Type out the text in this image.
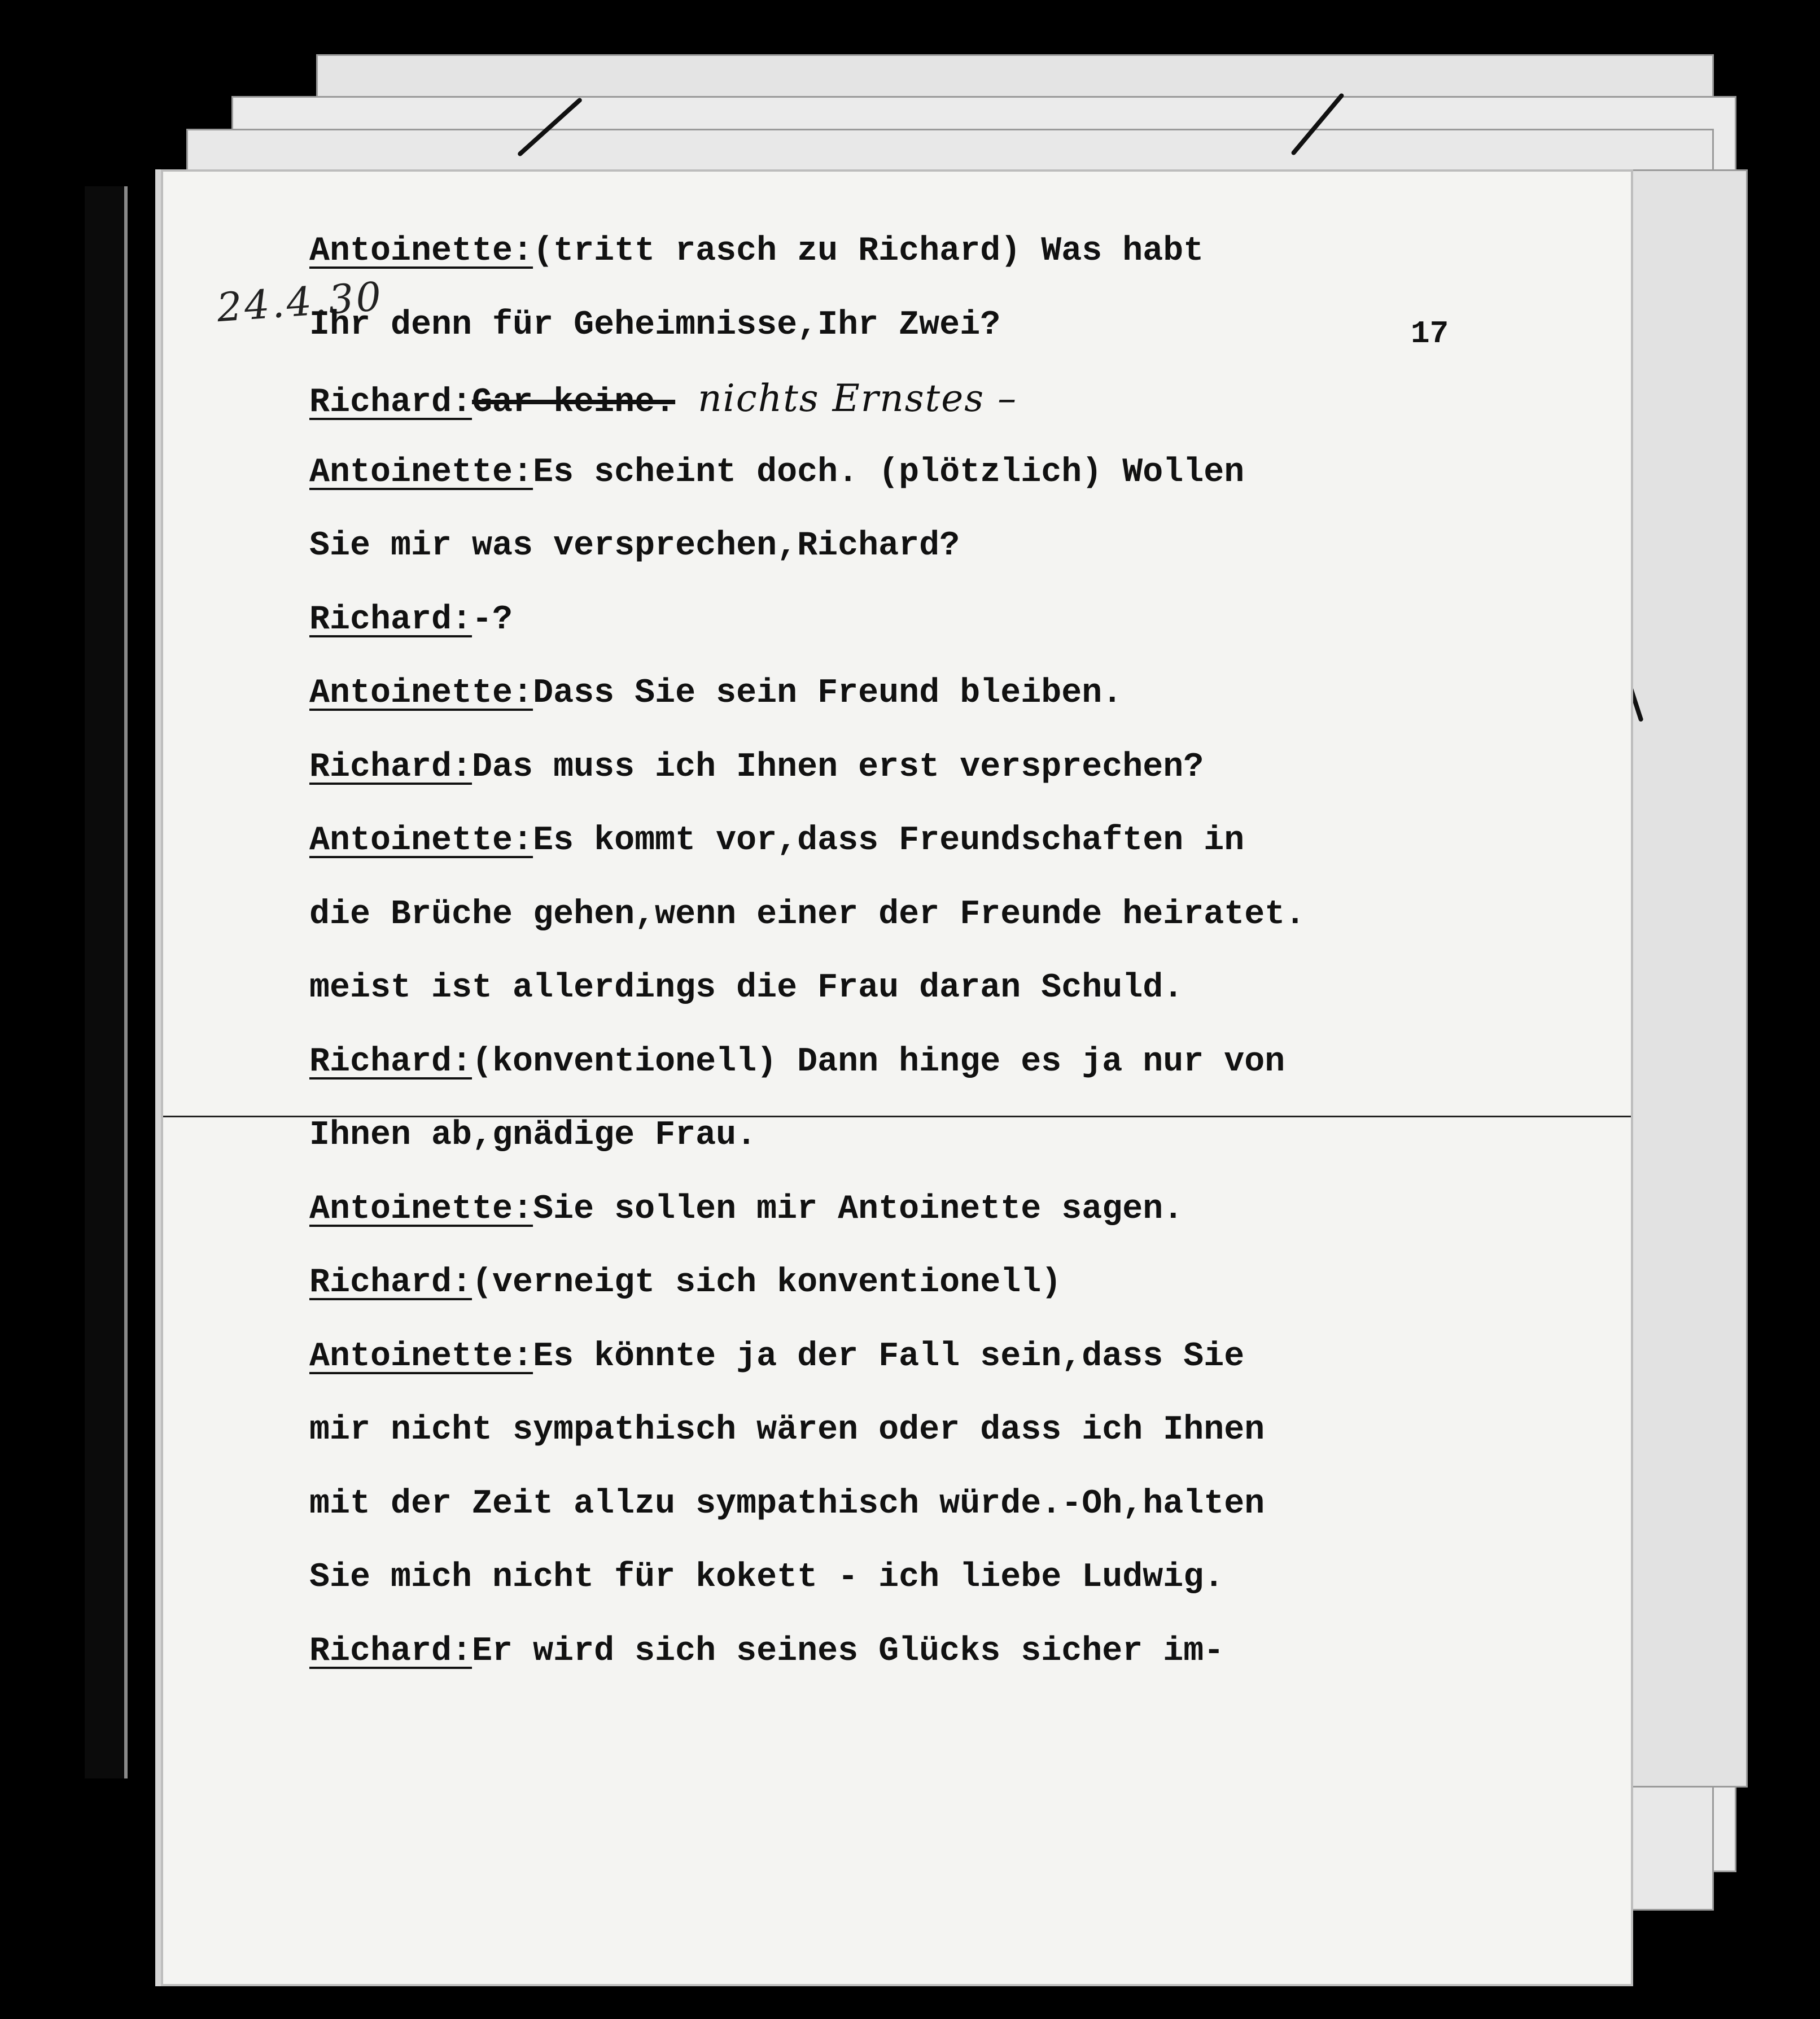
24.4.30
17
Antoinette:(tritt rasch zu Richard) Was habt
Ihr denn für Geheimnisse,Ihr Zwei?
Richard:Gar keine. nichts Ernstes –
Antoinette:Es scheint doch. (plötzlich) Wollen
Sie mir was versprechen,Richard?
Richard:-?
Antoinette:Dass Sie sein Freund bleiben.
Richard:Das muss ich Ihnen erst versprechen?
Antoinette:Es kommt vor,dass Freundschaften in
die Brüche gehen,wenn einer der Freunde heiratet.
meist ist allerdings die Frau daran Schuld.
Richard:(konventionell) Dann hinge es ja nur von
Ihnen ab,gnädige Frau.
Antoinette:Sie sollen mir Antoinette sagen.
Richard:(verneigt sich konventionell)
Antoinette:Es könnte ja der Fall sein,dass Sie
mir nicht sympathisch wären oder dass ich Ihnen
mit der Zeit allzu sympathisch würde.-Oh,halten
Sie mich nicht für kokett - ich liebe Ludwig.
Richard:Er wird sich seines Glücks sicher im-
